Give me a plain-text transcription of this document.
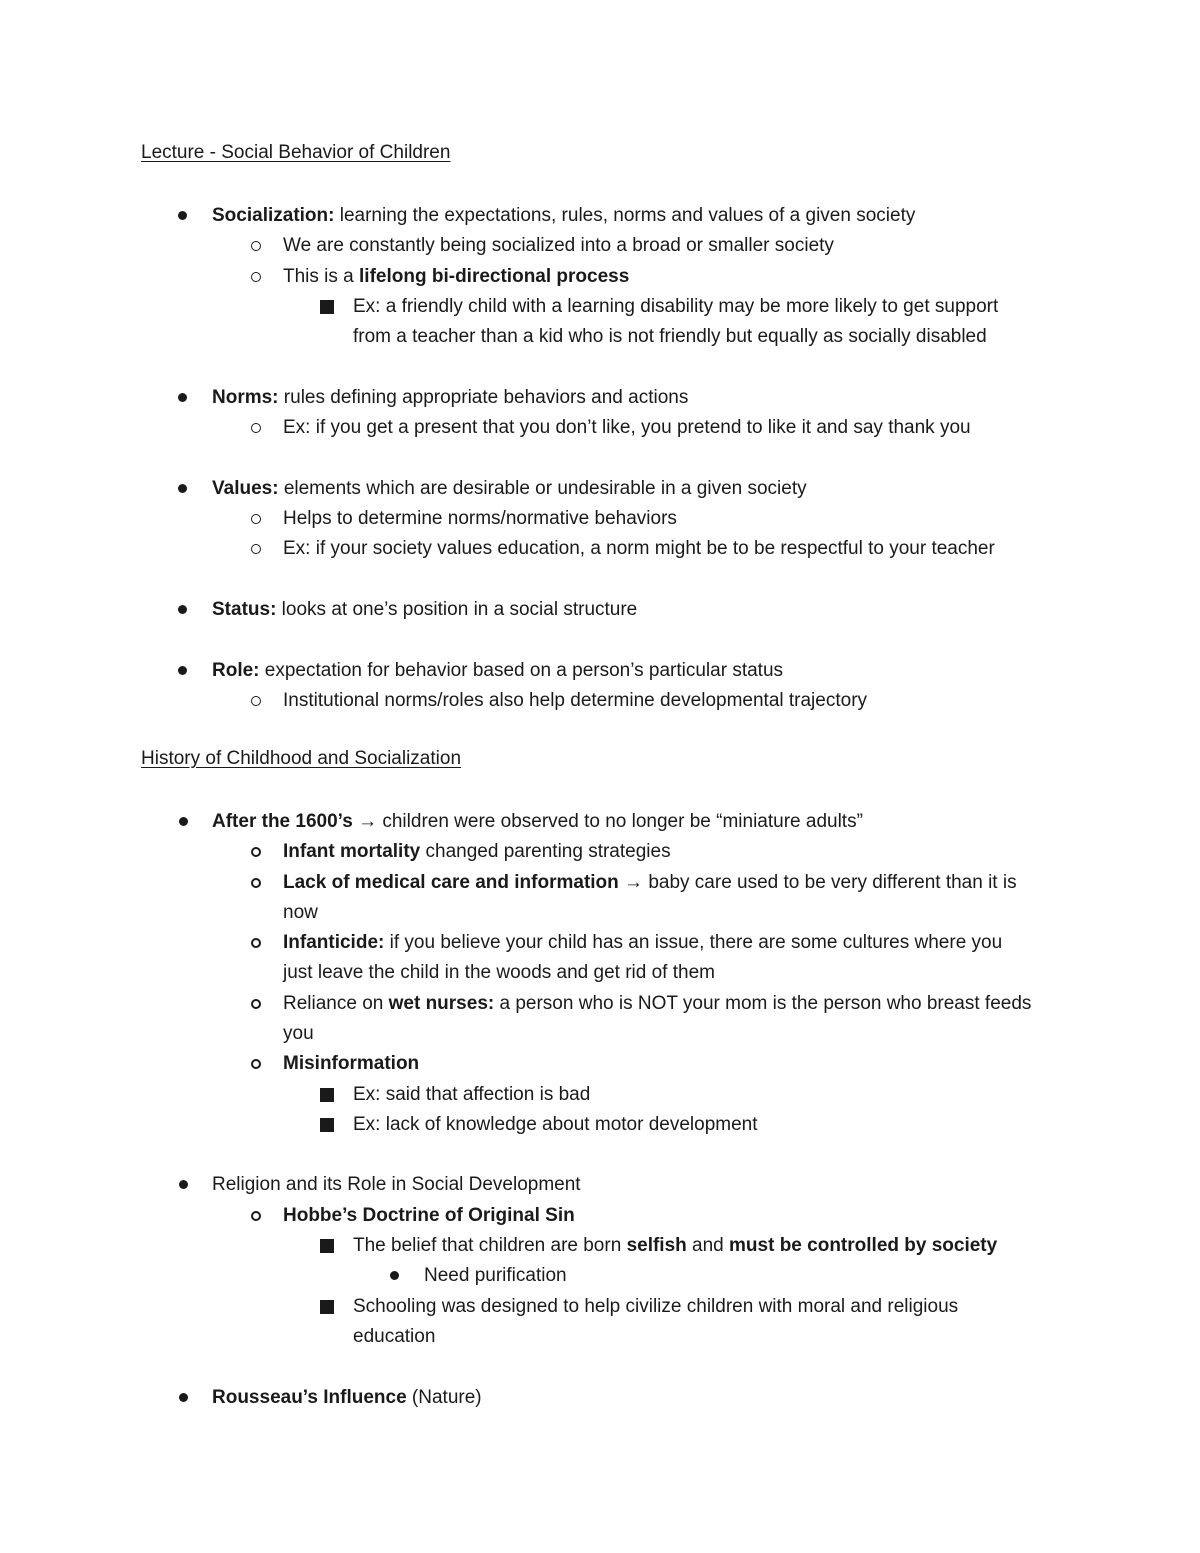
Lecture - Social Behavior of Children
Socialization: learning the expectations, rules, norms and values of a given society
We are constantly being socialized into a broad or smaller society
This is a lifelong bi-directional process
Ex: a friendly child with a learning disability may be more likely to get support
from a teacher than a kid who is not friendly but equally as socially disabled
Norms: rules defining appropriate behaviors and actions
Ex: if you get a present that you don’t like, you pretend to like it and say thank you
Values: elements which are desirable or undesirable in a given society
Helps to determine norms/normative behaviors
Ex: if your society values education, a norm might be to be respectful to your teacher
Status: looks at one’s position in a social structure
Role: expectation for behavior based on a person’s particular status
Institutional norms/roles also help determine developmental trajectory
History of Childhood and Socialization
After the 1600’s → children were observed to no longer be “miniature adults”
Infant mortality changed parenting strategies
Lack of medical care and information → baby care used to be very different than it is
now
Infanticide: if you believe your child has an issue, there are some cultures where you
just leave the child in the woods and get rid of them
Reliance on wet nurses: a person who is NOT your mom is the person who breast feeds
you
Misinformation
Ex: said that affection is bad
Ex: lack of knowledge about motor development
Religion and its Role in Social Development
Hobbe’s Doctrine of Original Sin
The belief that children are born selfish and must be controlled by society
Need purification
Schooling was designed to help civilize children with moral and religious
education
Rousseau’s Influence (Nature)
